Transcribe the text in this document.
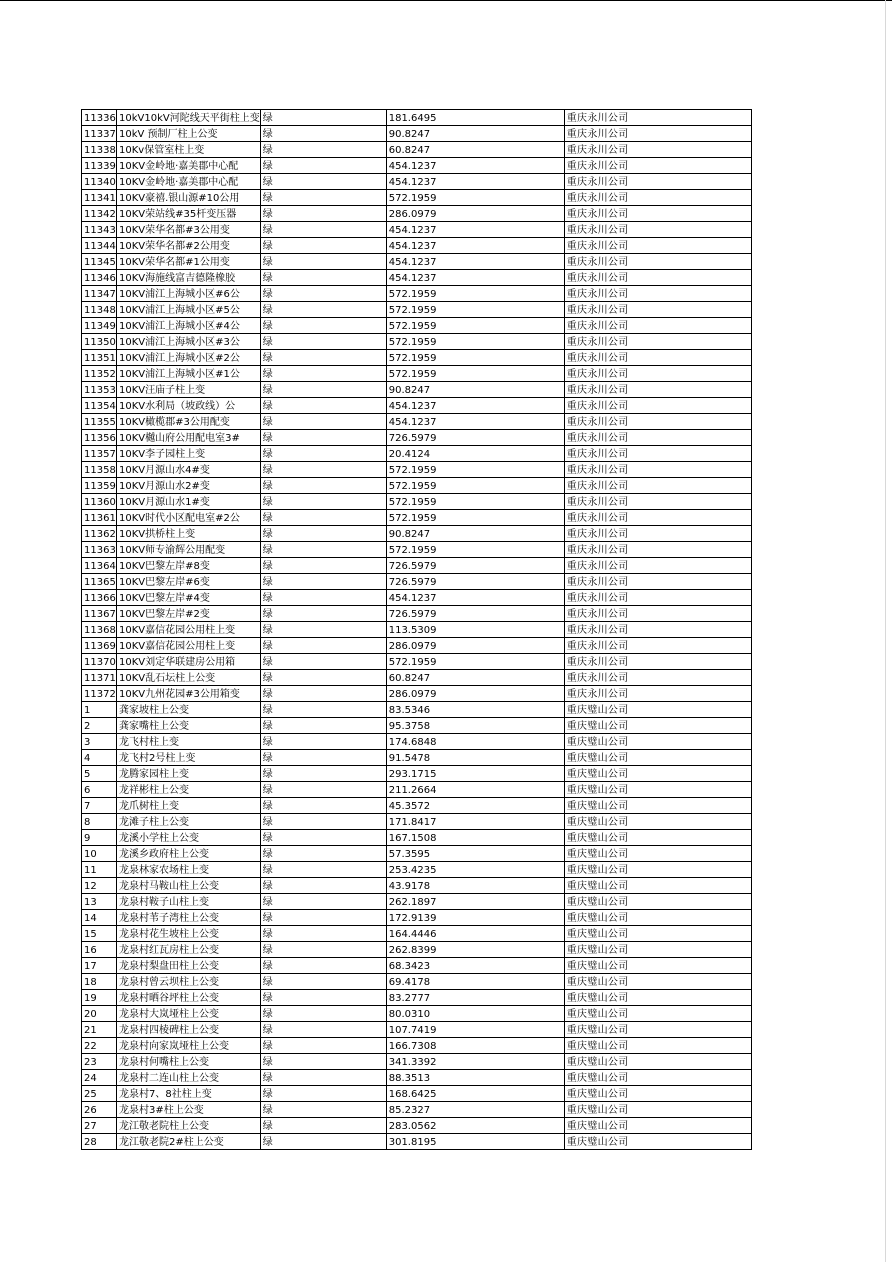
11336	10kV10kV河陀线天平街柱上变	绿	181.6495	重庆永川公司
11337	10kV 预制厂柱上公变	绿	90.8247	重庆永川公司
11338	10Kv保管室柱上变	绿	60.8247	重庆永川公司
11339	10KV金岭地·嘉美郡中心配	绿	454.1237	重庆永川公司
11340	10KV金岭地·嘉美郡中心配	绿	454.1237	重庆永川公司
11341	10KV豪禧.银山源#10公用	绿	572.1959	重庆永川公司
11342	10KV荣站线#35杆变压器	绿	286.0979	重庆永川公司
11343	10KV荣华名都#3公用变	绿	454.1237	重庆永川公司
11344	10KV荣华名都#2公用变	绿	454.1237	重庆永川公司
11345	10KV荣华名都#1公用变	绿	454.1237	重庆永川公司
11346	10KV海施线富吉德隆橡胶	绿	454.1237	重庆永川公司
11347	10KV浦江上海城小区#6公	绿	572.1959	重庆永川公司
11348	10KV浦江上海城小区#5公	绿	572.1959	重庆永川公司
11349	10KV浦江上海城小区#4公	绿	572.1959	重庆永川公司
11350	10KV浦江上海城小区#3公	绿	572.1959	重庆永川公司
11351	10KV浦江上海城小区#2公	绿	572.1959	重庆永川公司
11352	10KV浦江上海城小区#1公	绿	572.1959	重庆永川公司
11353	10KV汪庙子柱上变	绿	90.8247	重庆永川公司
11354	10KV水利局（坡政线）公	绿	454.1237	重庆永川公司
11355	10KV橄榄郡#3公用配变	绿	454.1237	重庆永川公司
11356	10KV樾山府公用配电室3#	绿	726.5979	重庆永川公司
11357	10KV李子园柱上变	绿	20.4124	重庆永川公司
11358	10KV月源山水4#变	绿	572.1959	重庆永川公司
11359	10KV月源山水2#变	绿	572.1959	重庆永川公司
11360	10KV月源山水1#变	绿	572.1959	重庆永川公司
11361	10KV时代小区配电室#2公	绿	572.1959	重庆永川公司
11362	10KV拱桥柱上变	绿	90.8247	重庆永川公司
11363	10KV师专渝辉公用配变	绿	572.1959	重庆永川公司
11364	10KV巴黎左岸#8变	绿	726.5979	重庆永川公司
11365	10KV巴黎左岸#6变	绿	726.5979	重庆永川公司
11366	10KV巴黎左岸#4变	绿	454.1237	重庆永川公司
11367	10KV巴黎左岸#2变	绿	726.5979	重庆永川公司
11368	10KV嘉信花园公用柱上变	绿	113.5309	重庆永川公司
11369	10KV嘉信花园公用柱上变	绿	286.0979	重庆永川公司
11370	10KV刘定华联建房公用箱	绿	572.1959	重庆永川公司
11371	10KV乱石坛柱上公变	绿	60.8247	重庆永川公司
11372	10KV九州花园#3公用箱变	绿	286.0979	重庆永川公司
1	龚家坡柱上公变	绿	83.5346	重庆璧山公司
2	龚家嘴柱上公变	绿	95.3758	重庆璧山公司
3	龙飞村柱上变	绿	174.6848	重庆璧山公司
4	龙飞村2号柱上变	绿	91.5478	重庆璧山公司
5	龙腾家园柱上变	绿	293.1715	重庆璧山公司
6	龙祥彬柱上公变	绿	211.2664	重庆璧山公司
7	龙爪树柱上变	绿	45.3572	重庆璧山公司
8	龙滩子柱上公变	绿	171.8417	重庆璧山公司
9	龙溪小学柱上公变	绿	167.1508	重庆璧山公司
10	龙溪乡政府柱上公变	绿	57.3595	重庆璧山公司
11	龙泉林家农场柱上变	绿	253.4235	重庆璧山公司
12	龙泉村马鞍山柱上公变	绿	43.9178	重庆璧山公司
13	龙泉村鞍子山柱上变	绿	262.1897	重庆璧山公司
14	龙泉村苇子湾柱上公变	绿	172.9139	重庆璧山公司
15	龙泉村花生坡柱上公变	绿	164.4446	重庆璧山公司
16	龙泉村红瓦房柱上公变	绿	262.8399	重庆璧山公司
17	龙泉村梨盘田柱上公变	绿	68.3423	重庆璧山公司
18	龙泉村曾云坝柱上公变	绿	69.4178	重庆璧山公司
19	龙泉村晒谷坪柱上公变	绿	83.2777	重庆璧山公司
20	龙泉村大岚垭柱上公变	绿	80.0310	重庆璧山公司
21	龙泉村四棱碑柱上公变	绿	107.7419	重庆璧山公司
22	龙泉村向家岚垭柱上公变	绿	166.7308	重庆璧山公司
23	龙泉村何嘴柱上公变	绿	341.3392	重庆璧山公司
24	龙泉村二连山柱上公变	绿	88.3513	重庆璧山公司
25	龙泉村7、8社柱上变	绿	168.6425	重庆璧山公司
26	龙泉村3#柱上公变	绿	85.2327	重庆璧山公司
27	龙江敬老院柱上公变	绿	283.0562	重庆璧山公司
28	龙江敬老院2#柱上公变	绿	301.8195	重庆璧山公司
